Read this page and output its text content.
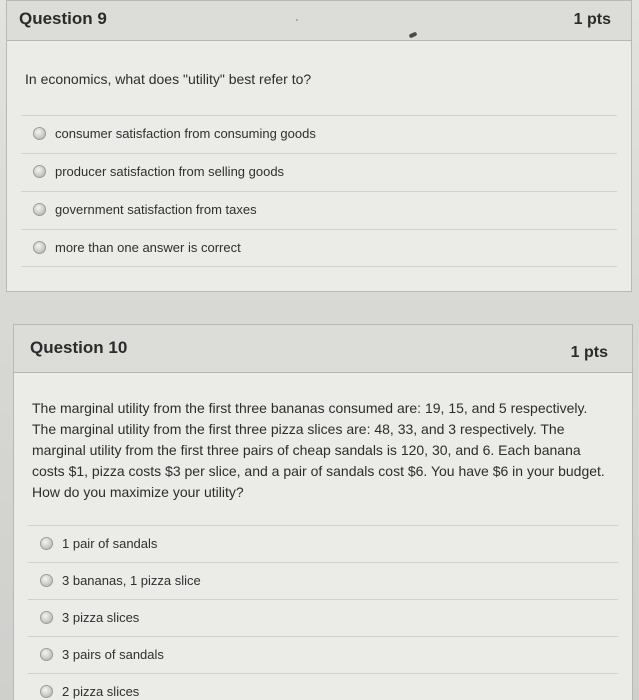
Question 9	1 pts
In economics, what does "utility" best refer to?
consumer satisfaction from consuming goods
producer satisfaction from selling goods
government satisfaction from taxes
more than one answer is correct
Question 10	1 pts
The marginal utility from the first three bananas consumed are: 19, 15, and 5 respectively. The marginal utility from the first three pizza slices are: 48, 33, and 3 respectively. The marginal utility from the first three pairs of cheap sandals is 120, 30, and 6. Each banana costs $1, pizza costs $3 per slice, and a pair of sandals cost $6. You have $6 in your budget. How do you maximize your utility?
1 pair of sandals
3 bananas, 1 pizza slice
3 pizza slices
3 pairs of sandals
2 pizza slices
